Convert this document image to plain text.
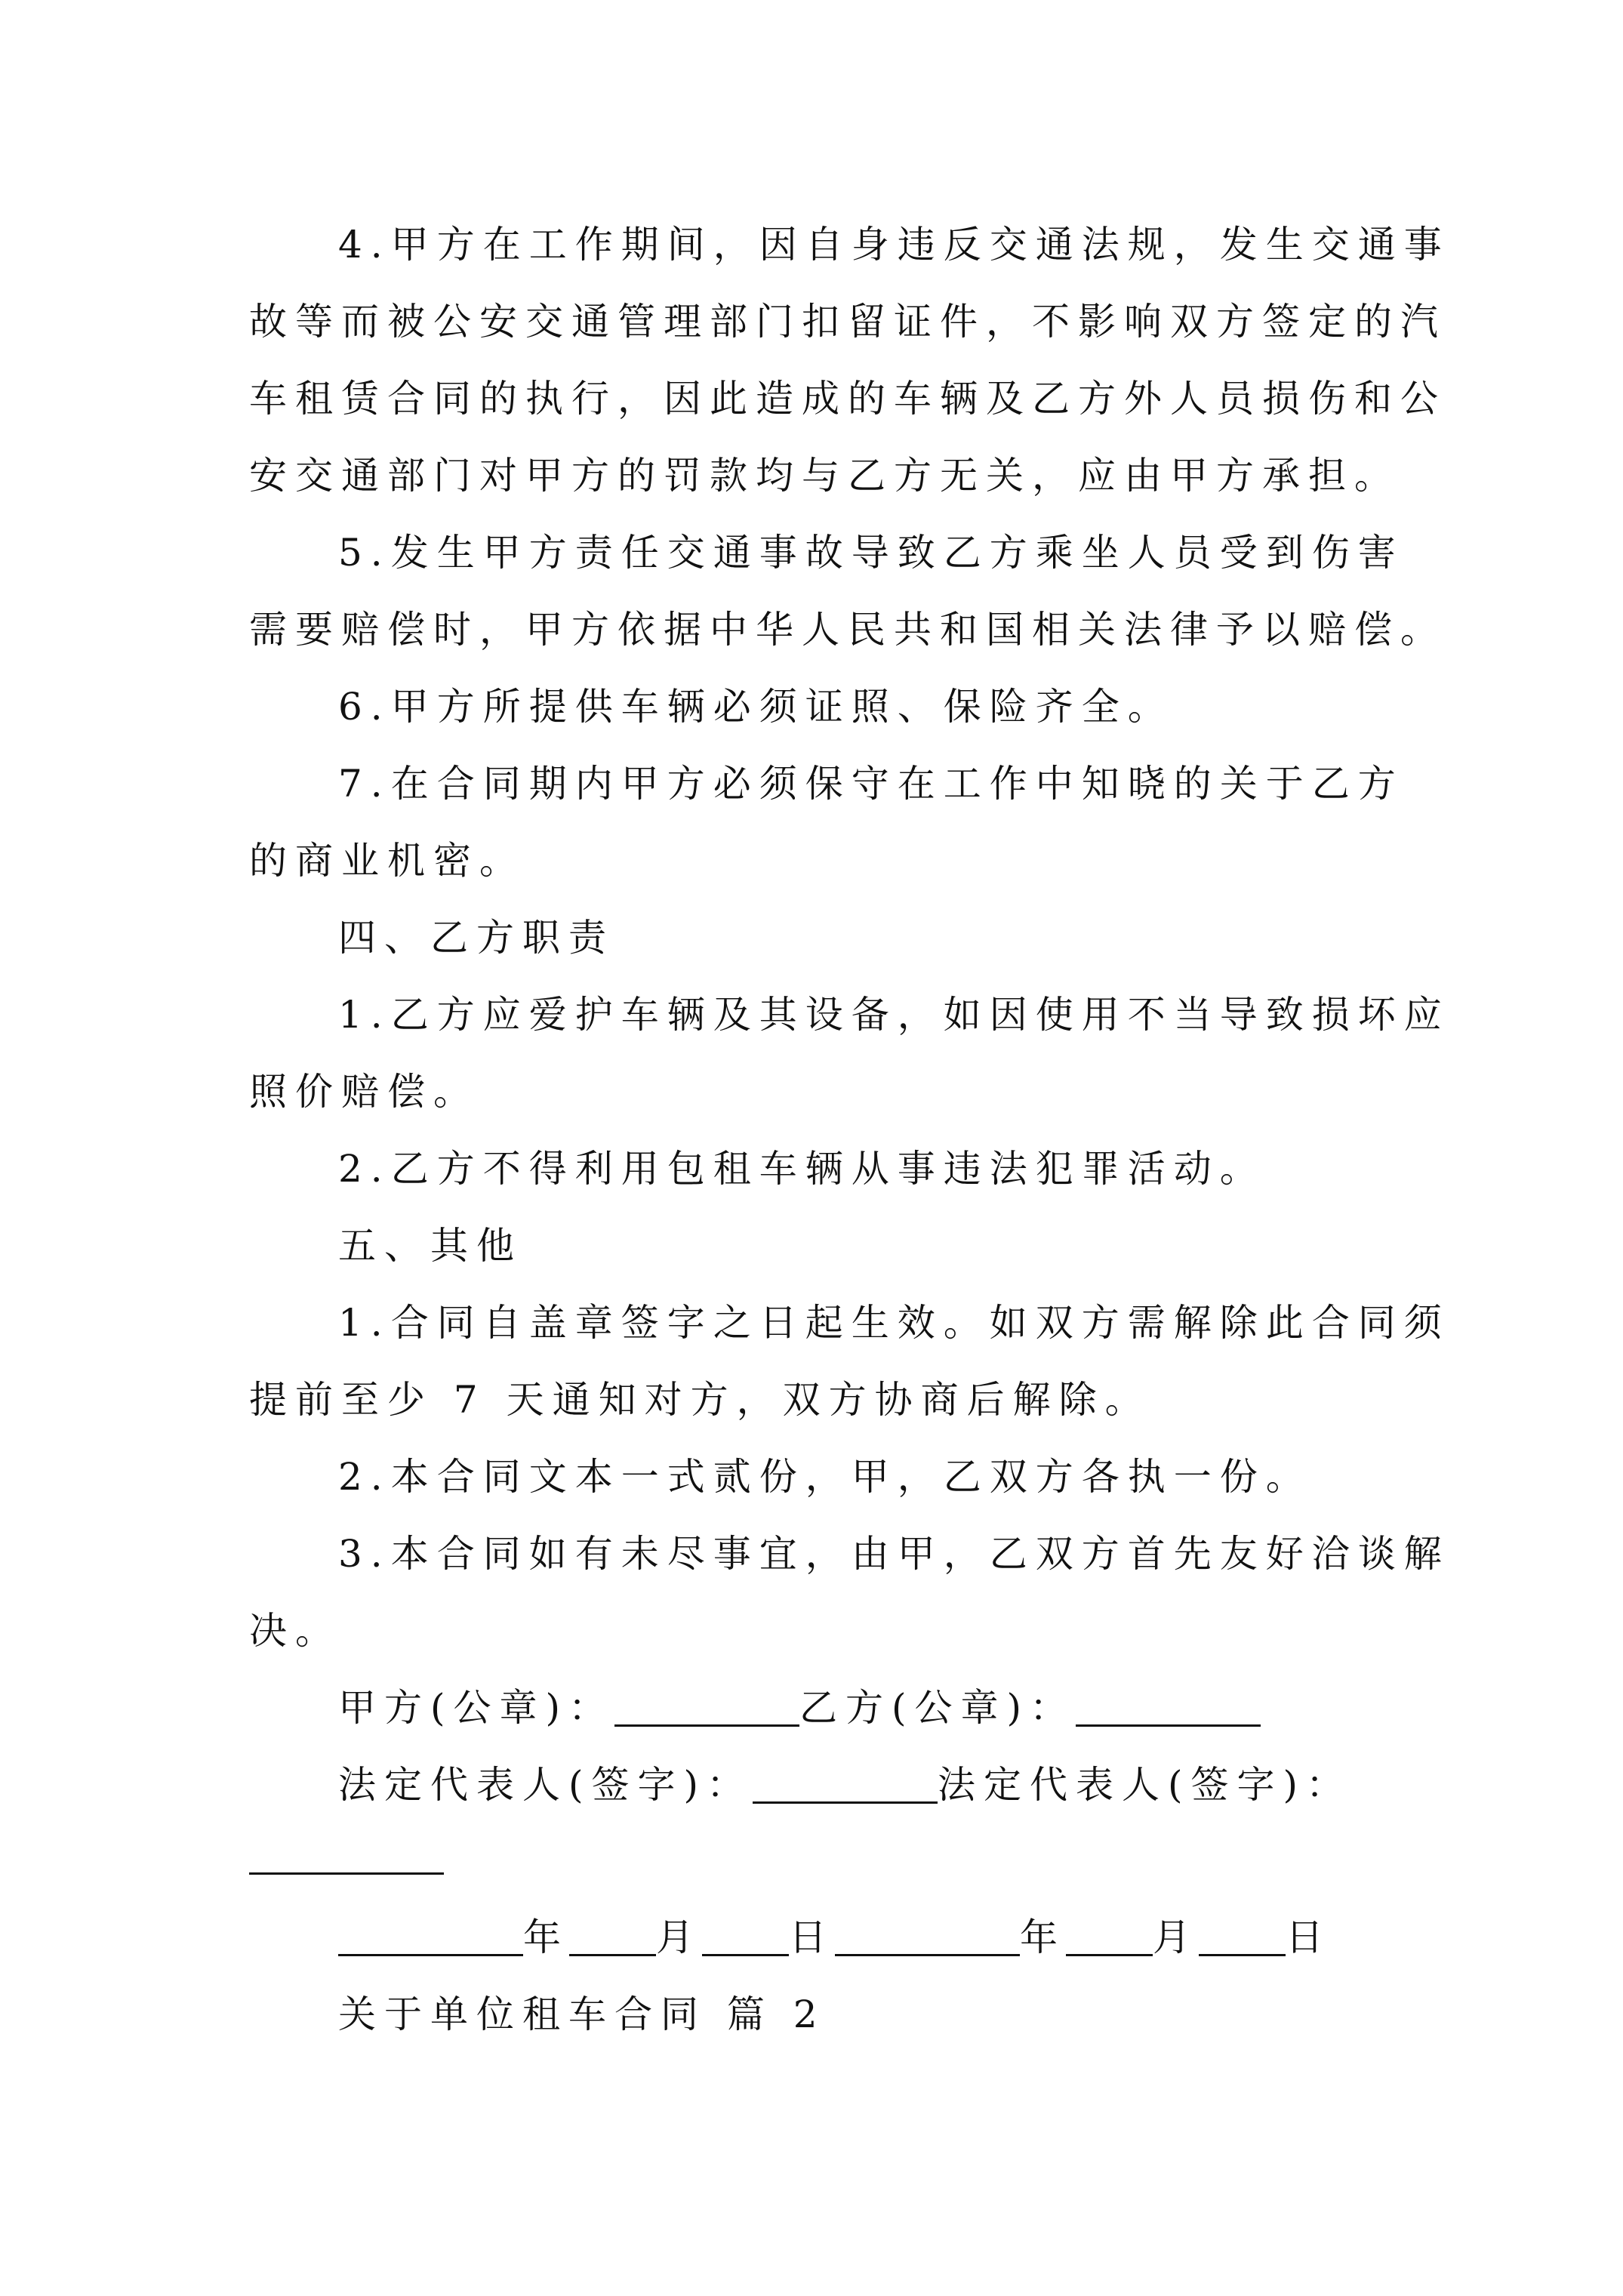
4.甲方在工作期间，因自身违反交通法规，发生交通事
故等而被公安交通管理部门扣留证件，不影响双方签定的汽
车租赁合同的执行，因此造成的车辆及乙方外人员损伤和公
安交通部门对甲方的罚款均与乙方无关，应由甲方承担。
5.发生甲方责任交通事故导致乙方乘坐人员受到伤害
需要赔偿时，甲方依据中华人民共和国相关法律予以赔偿。
6.甲方所提供车辆必须证照、保险齐全。
7.在合同期内甲方必须保守在工作中知晓的关于乙方
的商业机密。
四、乙方职责
1.乙方应爱护车辆及其设备，如因使用不当导致损坏应
照价赔偿。
2.乙方不得利用包租车辆从事违法犯罪活动。
五、其他
1.合同自盖章签字之日起生效。如双方需解除此合同须
提前至少 7 天通知对方，双方协商后解除。
2.本合同文本一式贰份，甲，乙双方各执一份。
3.本合同如有未尽事宜，由甲，乙双方首先友好洽谈解
决。
甲方(公章)：	乙方(公章)：
法定代表人(签字)：	法定代表人(签字)：
年 月 日	年 月 日
关于单位租车合同 篇 2
